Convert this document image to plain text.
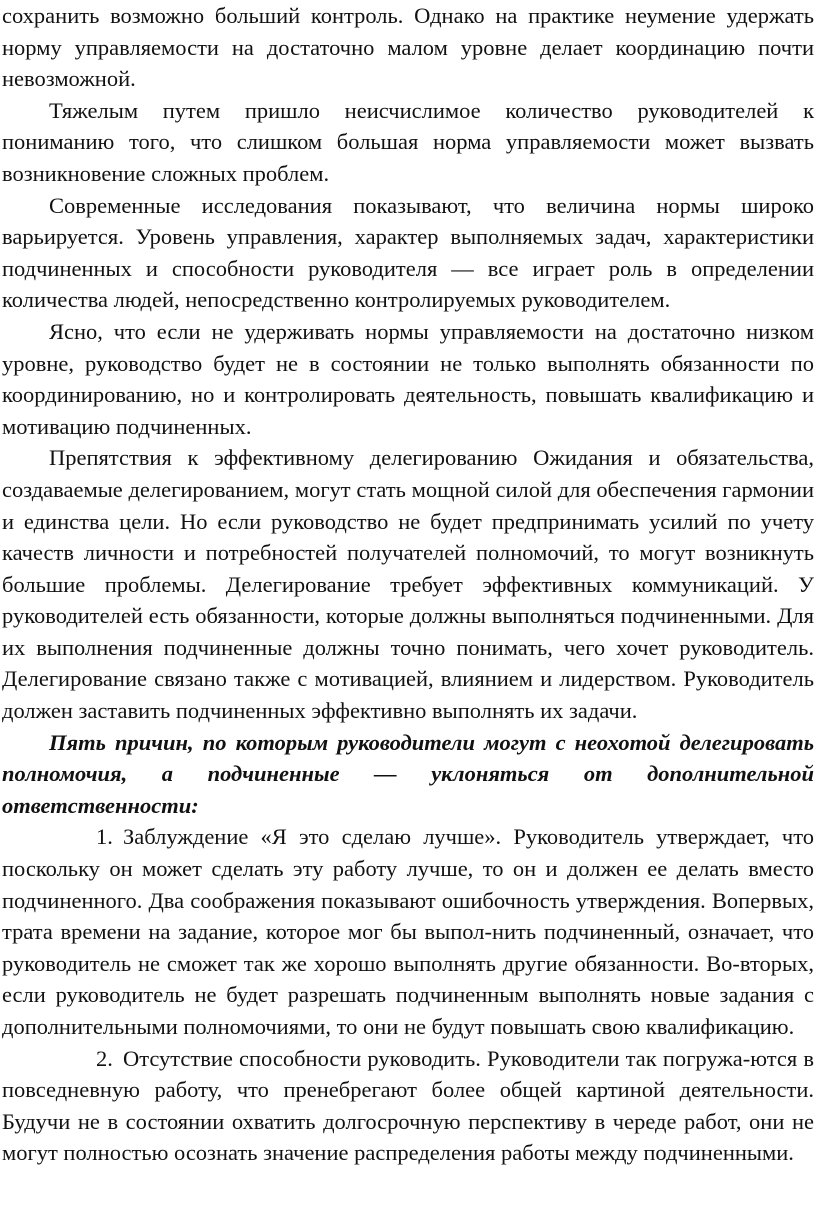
сохранить возможно больший контроль. Однако на практике неумение удержать норму управляемости на достаточно малом уровне делает координацию почти невозможной.

Тяжелым путем пришло неисчислимое количество руководителей к пониманию того, что слишком большая норма управляемости может вызвать возникновение сложных проблем.

Современные исследования показывают, что величина нормы широко варьируется. Уровень управления, характер выполняемых задач, характеристики подчиненных и способности руководителя — все играет роль в определении количества людей, непосредственно контролируемых руководителем.

Ясно, что если не удерживать нормы управляемости на достаточно низком уровне, руководство будет не в состоянии не только выполнять обязанности по координированию, но и контролировать деятельность, повышать квалификацию и мотивацию подчиненных.

Препятствия к эффективному делегированию Ожидания и обязательства, создаваемые делегированием, могут стать мощной силой для обеспечения гармонии и единства цели. Но если руководство не будет предпринимать усилий по учету качеств личности и потребностей получателей полномочий, то могут возникнуть большие проблемы. Делегирование требует эффективных коммуникаций. У руководителей есть обязанности, которые должны выполняться подчиненными. Для их выполнения подчиненные должны точно понимать, чего хочет руководитель. Делегирование связано также с мотивацией, влиянием и лидерством. Руководитель должен заставить подчиненных эффективно выполнять их задачи.

Пять причин, по которым руководители могут с неохотой делегировать полномочия, а подчиненные — уклоняться от дополнительной ответственности:

1. Заблуждение «Я это сделаю лучше». Руководитель утверждает, что поскольку он может сделать эту работу лучше, то он и должен ее делать вместо подчиненного. Два соображения показывают ошибочность утверждения. Вопервых, трата времени на задание, которое мог бы выпол-нить подчиненный, означает, что руководитель не сможет так же хорошо выполнять другие обязанности. Во-вторых, если руководитель не будет разрешать подчиненным выполнять новые задания с дополнительными полномочиями, то они не будут повышать свою квалификацию.

2. Отсутствие способности руководить. Руководители так погружа-ются в повседневную работу, что пренебрегают более общей картиной деятельности. Будучи не в состоянии охватить долгосрочную перспективу в череде работ, они не могут полностью осознать значение распределения работы между подчиненными.
